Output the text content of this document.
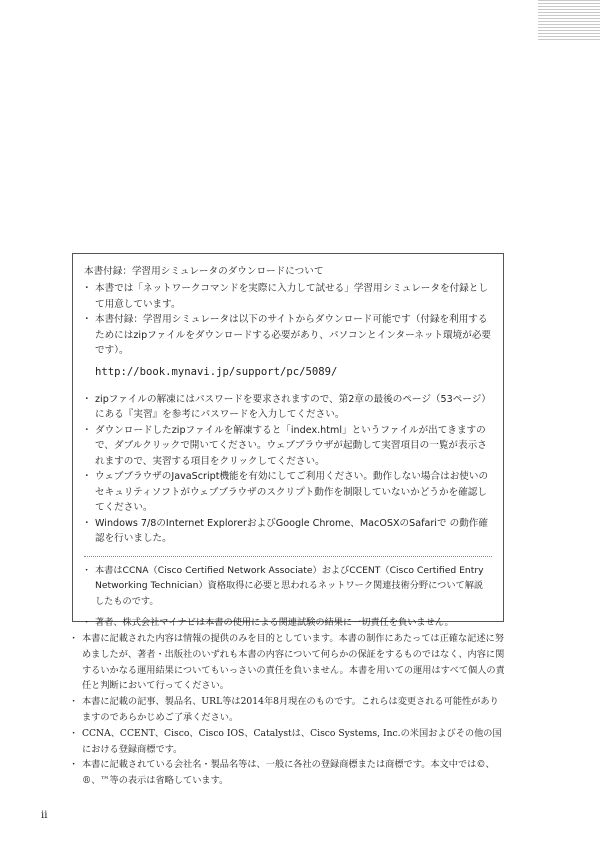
本書付録：学習用シミュレータのダウンロードについて
・ 本書では「ネットワークコマンドを実際に入力して試せる」学習用シミュレータを付録として用意しています。
・ 本書付録：学習用シミュレータは以下のサイトからダウンロード可能です（付録を利用するためにはzipファイルをダウンロードする必要があり、パソコンとインターネット環境が必要です）。
http://book.mynavi.jp/support/pc/5089/
・ zipファイルの解凍にはパスワードを要求されますので、第2章の最後のページ（53ページ）にある『実習』を参考にパスワードを入力してください。
・ ダウンロードしたzipファイルを解凍すると「index.html」というファイルが出てきますので、ダブルクリックで開いてください。ウェブブラウザが起動して実習項目の一覧が表示されますので、実習する項目をクリックしてください。
・ ウェブブラウザのJavaScript機能を有効にしてご利用ください。動作しない場合はお使いのセキュリティソフトがウェブブラウザのスクリプト動作を制限していないかどうかを確認してください。
・ Windows 7/8のInternet ExplorerおよびGoogle Chrome、MacOSXのSafariで の動作確認を行いました。
・ 本書はCCNA（Cisco Certified Network Associate）およびCCENT（Cisco Certified Entry Networking Technician）資格取得に必要と思われるネットワーク関連技術分野について解説したものです。
・ 著者、株式会社マイナビは本書の使用による関連試験の結果に一切責任を負いません。
・ 本書に記載された内容は情報の提供のみを目的としています。本書の制作にあたっては正確な記述に努めましたが、著者・出版社のいずれも本書の内容について何らかの保証をするものではなく、内容に関するいかなる運用結果についてもいっさいの責任を負いません。本書を用いての運用はすべて個人の責任と判断において行ってください。
・ 本書に記載の記事、製品名、URL等は2014年8月現在のものです。これらは変更される可能性がありますのであらかじめご了承ください。
・ CCNA、CCENT、Cisco、Cisco IOS、Catalystは、Cisco Systems, Inc.の米国およびその他の国における登録商標です。
・ 本書に記載されている会社名・製品名等は、一般に各社の登録商標または商標です。本文中では©、®、™等の表示は省略しています。
ii
